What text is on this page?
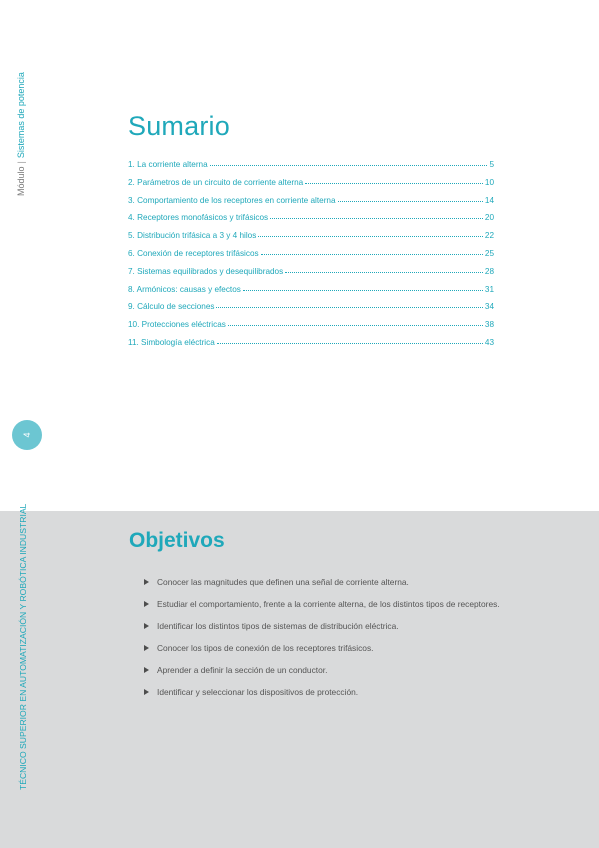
Módulo|Sistemas de potencia
4
Sumario
1. La corriente alterna	5
2. Parámetros de un circuito de corriente alterna	10
3. Comportamiento de los receptores en corriente alterna	14
4. Receptores monofásicos y trifásicos	20
5. Distribución trifásica a 3 y 4 hilos	22
6. Conexión de receptores trifásicos	25
7. Sistemas equilibrados y desequilibrados	28
8. Armónicos: causas y efectos	31
9. Cálculo de secciones	34
10. Protecciones eléctricas	38
11. Simbología eléctrica	43
TÉCNICO SUPERIOR EN AUTOMATIZACIÓN Y ROBÓTICA INDUSTRIAL	Objetivos
Conocer las magnitudes que definen una señal de corriente alterna.
Estudiar el comportamiento, frente a la corriente alterna, de los distintos tipos de receptores.
Identificar los distintos tipos de sistemas de distribución eléctrica.
Conocer los tipos de conexión de los receptores trifásicos.
Aprender a definir la sección de un conductor.
Identificar y seleccionar los dispositivos de protección.
